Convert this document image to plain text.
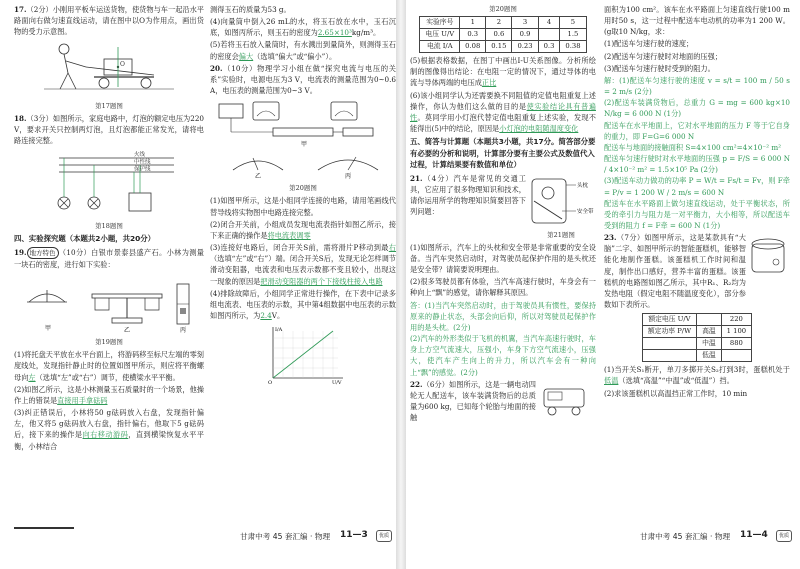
17.（2分）小刚用平板车运送货物，使货物与车一起沿水平路面向右做匀速直线运动，请在图中以O为作用点，画出货物的受力示意图。

O
第17题图

18.（3分）如图所示，家庭电路中，灯泡的额定电压为220 V，要求开关只控制两灯泡，且灯泡都能正常发光，请将电路连接完整。

火线
中性线
保护线
第18题图
四、实验探究题（本题共2小题，共20分）

19. 地方特色 （10分）白银市景泰县盛产石。小林为测量一块石的密度，进行如下实验：

甲	乙	丙
第19题图

(1)将托盘天平放在水平台面上，将游码移至标尺左端的零刻度线处，发现指针静止时的位置如图甲所示，则应将平衡螺母向左（选填“左”或“右”）调节，使横梁水平平衡。

(2)如图乙所示，这是小林测量玉石质量时的一个场景，他操作上的错误是直接用手拿砝码

(3)纠正错误后，小林将50 g砝码放入右盘，发现指针偏左，他又将5 g砝码放入右盘，指针偏右，他取下5 g砝码后，接下来的操作是向右移动游码，直到横梁恢复水平平衡，小林结合

测得玉石的质量为53 g。

(4)向量筒中倒入26 mL的水，将玉石放在水中，玉石沉底，如图丙所示，则玉石的密度为2.65×10³kg/m³。

(5)若将玉石放入量筒时，有水溅出到量筒外，则测得玉石的密度会偏大（选填“偏大”或“偏小”）。

20.（10分）物理学习小组在做“探究电流与电压的关系”实验时，电源电压为3 V，电流表的测量范围为0~0.6 A，电压表的测量范围为0~3 V。

甲
乙	丙
第20题图

(1)如图甲所示，这是小组同学连接的电路，请用笔画线代替导线将实物图中电路连接完整。

(2)闭合开关前，小组成员发现电流表指针如图乙所示，接下来正确的操作是将电流表调零

(3)连接好电路后，闭合开关S前，需将滑片P移动到最右（选填“左”或“右”）端。闭合开关S后，发现无论怎样调节滑动变阻器，电流表和电压表示数都不变且较小，出现这一现象的原因是把滑动变阻器的两个下接线柱接入电路

(4)排除故障后，小组同学正常进行操作，在下表中记录多组电流表、电压表的示数，其中第4组数据中电压表的示数如图丙所示，为2.4V。

I/A
U/V
O
甘肃中考 45 套汇编 · 物理 11—3	优质
第20题图
实验序号	1	2	3	4	5
电压 U/V	0.3	0.6	0.9		1.5
电流 I/A	0.08	0.15	0.23	0.3	0.38

(5)根据表格数据，在图丁中画出I-U关系图像。分析所绘制的图像得出结论：在电阻一定的情况下，通过导体的电流与导体两端的电压成正比

(6)该小组同学认为还需要换不同阻值的定值电阻重复上述操作，你认为他们这么做的目的是使实验结论具有普遍性。莫同学用小灯泡代替定值电阻重复上述实验，发现不能得出(5)中的结论，原因是小灯泡的电阻随温度变化

五、简答与计算题（本题共3小题，共17分。简答部分要有必要的分析和说明，计算部分要有主要公式及数值代入过程，计算结果要有数值和单位）

21.（4分）汽车是常见的交通工具，它应用了很多物理知识和技术，请你运用所学的物理知识简要回答下列问题：

头枕
安全带
第21题图

(1)如图所示，汽车上的头枕和安全带是非常重要的安全设备。当汽车突然启动时，对驾驶员起保护作用的是头枕还是安全带？请简要说明理由。

(2)很多驾驶员都有体验，当汽车高速行驶时，车身会有一种向上“飘”的感觉，请你解释其原因。

答：(1)当汽车突然启动时，由于驾驶员具有惯性，要保持原来的静止状态，头部会向后仰，所以对驾驶员起保护作用的是头枕。(2分)
(2)汽车的外形类似于飞机的机翼，当汽车高速行驶时，车身上方空气流速大，压强小，车身下方空气流速小，压强大，使汽车产生向上的升力，所以汽车会有一种向上“飘”的感觉。(2分)

22.（6分）如图所示，这是一辆电动四轮无人配送车，该车装满货物后的总质量为600 kg，已知每个轮胎与地面的接触

面积为100 cm²。该车在水平路面上匀速直线行驶100 m用时50 s，这一过程中配送车电动机的功率为1 200 W。(g取10 N/kg，求：

(1)配送车匀速行驶的速度；

(2)配送车匀速行驶时对地面的压强；

(3)配送车匀速行驶时受到的阻力。

解：(1)配送车匀速行驶的速度 v = s/t = 100 m / 50 s = 2 m/s (2分)
(2)配送车装满货物后，总重力 G = mg = 600 kg×10 N/kg = 6 000 N (1分)
配送车在水平地面上，它对水平地面的压力 F 等于它自身的重力，即 F=G=6 000 N
配送车与地面的接触面积 S=4×100 cm²=4×10⁻² m²
配送车匀速行驶时对水平地面的压强 p = F/S = 6 000 N / 4×10⁻² m² = 1.5×10⁵ Pa (2分)
(3)配送车动力做功的功率 P = W/t = Fs/t = Fv，则 F牵 = P/v = 1 200 W / 2 m/s = 600 N
配送车在水平路面上做匀速直线运动，处于平衡状态，所受的牵引力与阻力是一对平衡力，大小相等，所以配送车受到的阻力 f = F牵 = 600 N (1分)

23.（7分）如图甲所示，这是某款具有“大脑”二字、如图甲所示的智能蛋糕机，能够智能化地制作蛋糕。该蛋糕机工作时间和温度，制作出口感好，营养丰富的蛋糕。该蛋糕机的电路图如图乙所示，其中R₁、R₂均为发热电阻（假定电阻不随温度变化），部分参数如下表所示。

额定电压 U/V		220
额定功率 P/W	高温	1 100
	中温	880
	低温	

(1)当开关S₁断开，单刀多掷开关S₂打到3时，蛋糕机处于低温（选填“高温”“中温”或“低温”）挡。

(2)求该蛋糕机以高温挡正常工作时，10 min

甘肃中考 45 套汇编 · 物理 11—4	优质
